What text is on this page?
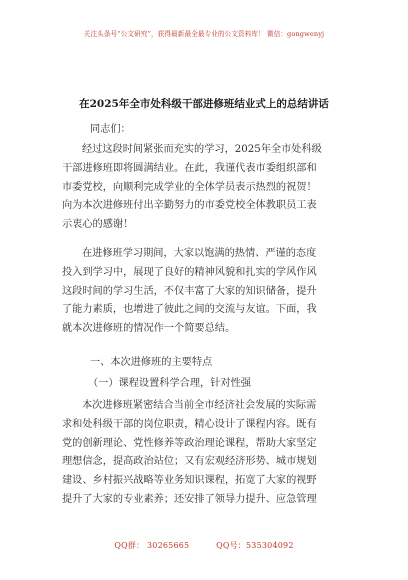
关注头条号“公文研究”，获得最新最全最专业的公文资料库！ 微信：gongwenyj
在2025年全市处科级干部进修班结业式上的总结讲话
同志们：
经过这段时间紧张而充实的学习，2025年全市处科级
干部进修班即将圆满结业。在此，我谨代表市委组织部和
市委党校，向顺利完成学业的全体学员表示热烈的祝贺！
向为本次进修班付出辛勤努力的市委党校全体教职员工表
示衷心的感谢！
在进修班学习期间，大家以饱满的热情、严谨的态度
投入到学习中，展现了良好的精神风貌和扎实的学风作风
这段时间的学习生活，不仅丰富了大家的知识储备，提升
了能力素质，也增进了彼此之间的交流与友谊。下面，我
就本次进修班的情况作一个简要总结。
一、本次进修班的主要特点
（一）课程设置科学合理，针对性强
本次进修班紧密结合当前全市经济社会发展的实际需
求和处科级干部的岗位职责，精心设计了课程内容。既有
党的创新理论、党性修养等政治理论课程，帮助大家坚定
理想信念，提高政治站位；又有宏观经济形势、城市规划
建设、乡村振兴战略等业务知识课程，拓宽了大家的视野
提升了大家的专业素养；还安排了领导力提升、应急管理
QQ群： 30265665	QQ号：535304092
